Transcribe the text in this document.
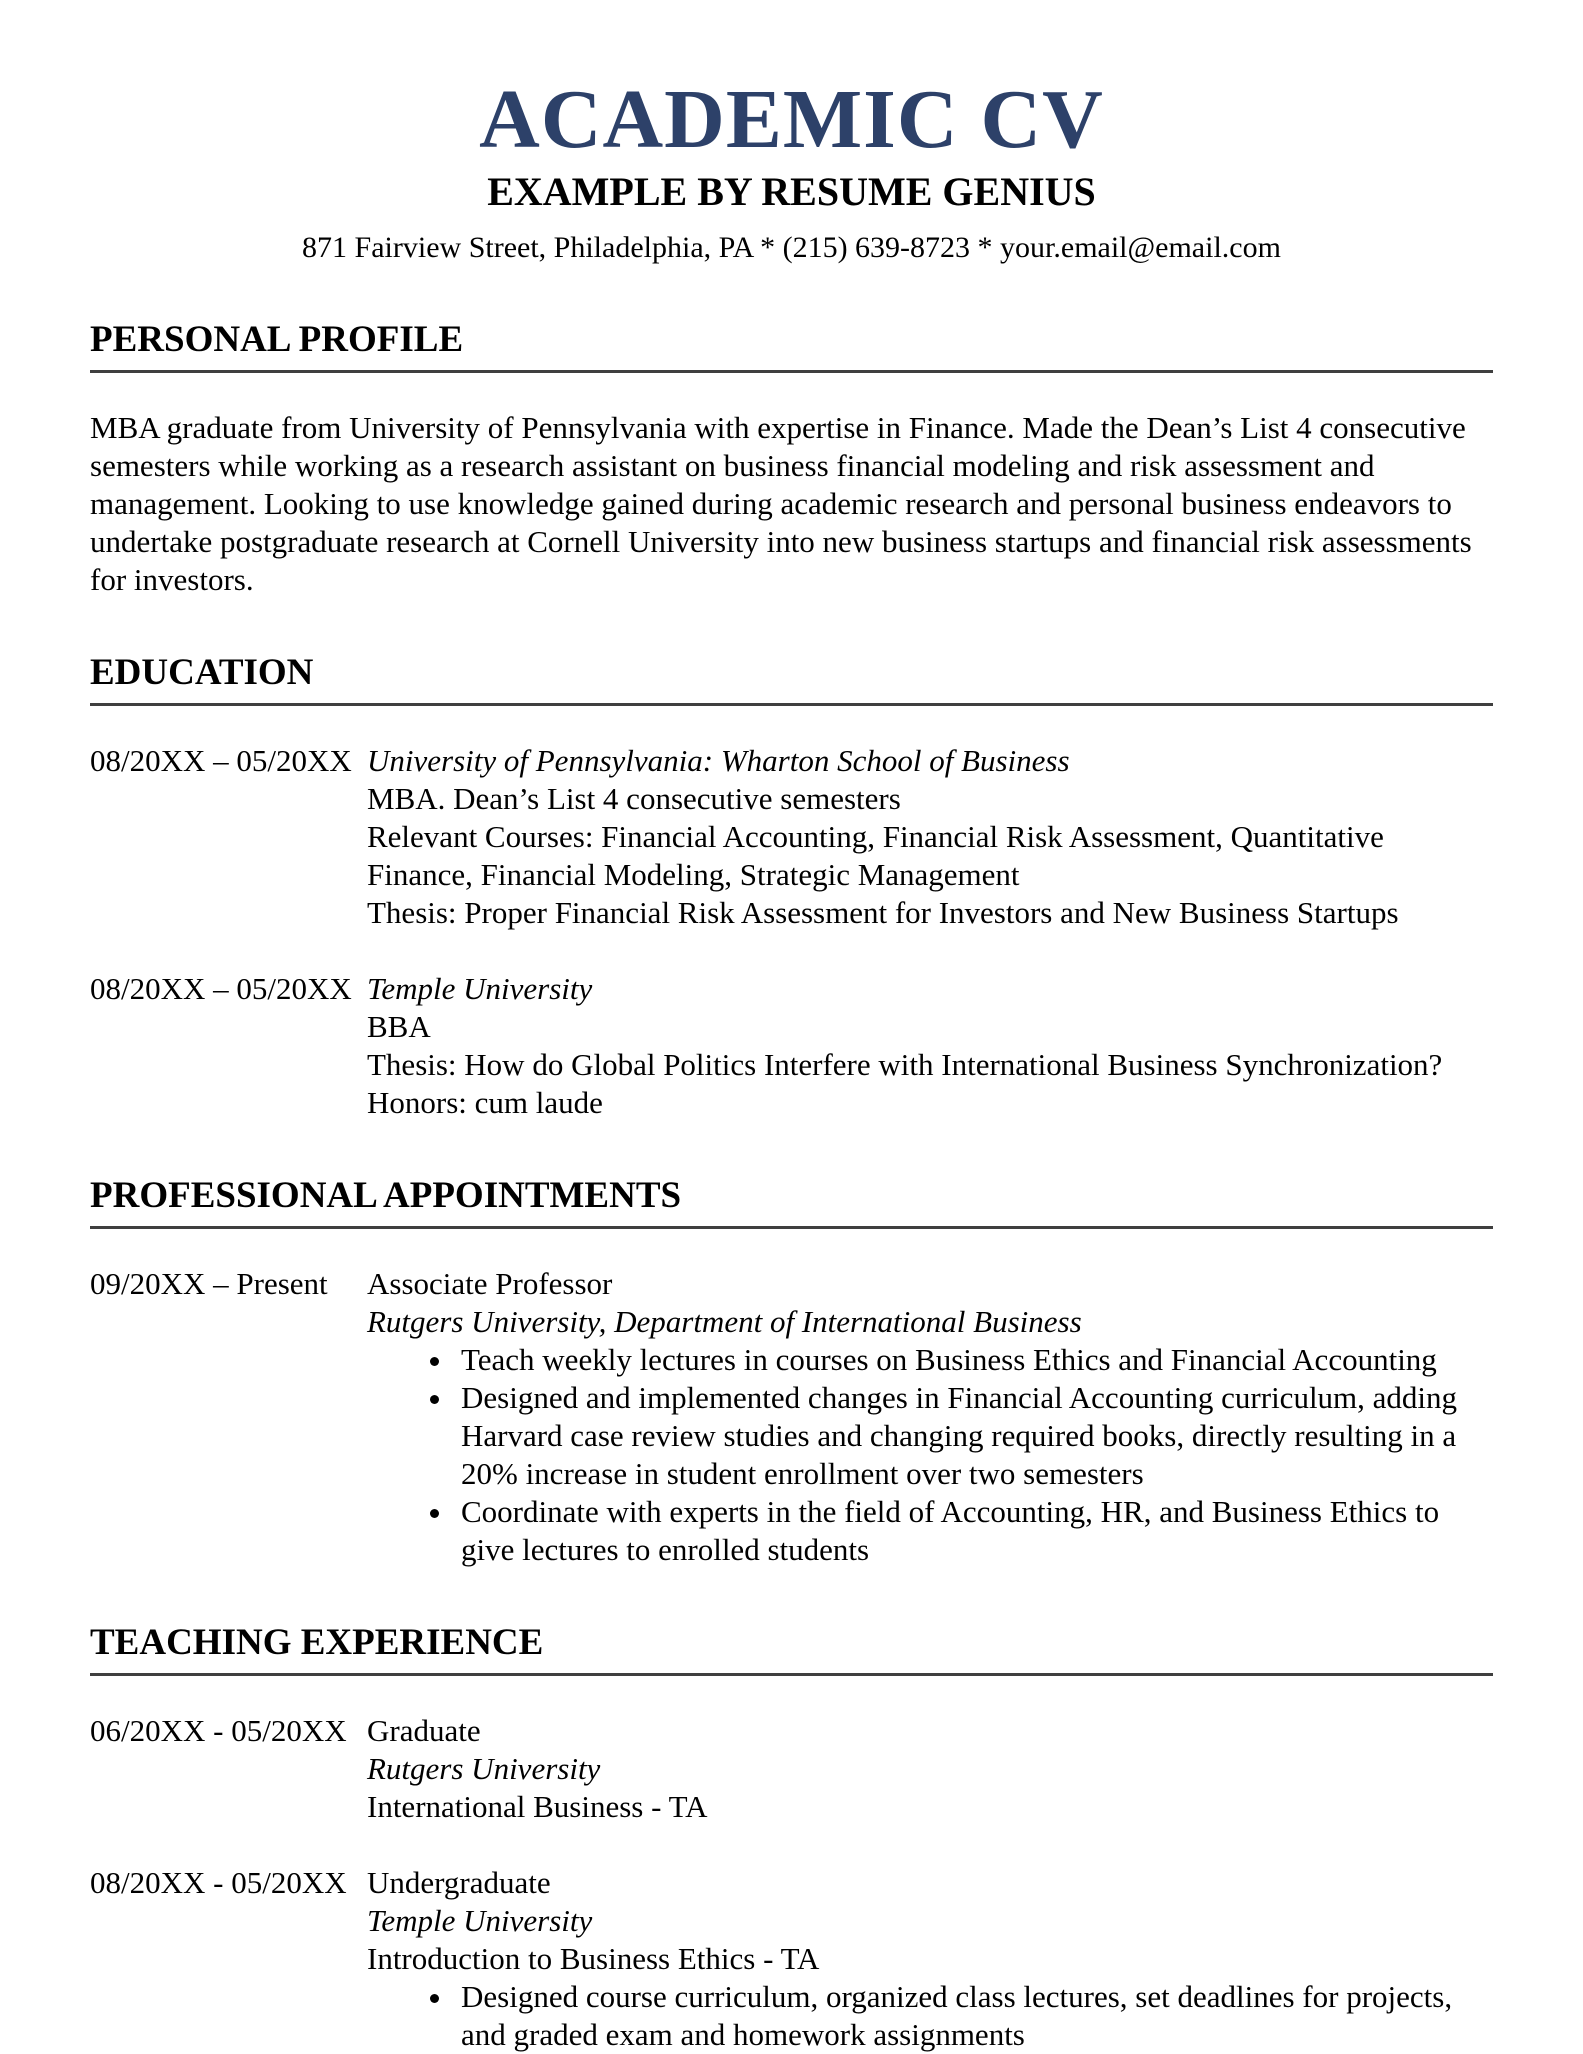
ACADEMIC CV
EXAMPLE BY RESUME GENIUS
871 Fairview Street, Philadelphia, PA * (215) 639-8723 * your.email@email.com
PERSONAL PROFILE

MBA graduate from University of Pennsylvania with expertise in Finance. Made the Dean’s List 4 consecutive semesters while working as a research assistant on business financial modeling and risk assessment and management. Looking to use knowledge gained during academic research and personal business endeavors to undertake postgraduate research at Cornell University into new business startups and financial risk assessments for investors.

EDUCATION
08/20XX – 05/20XX University of Pennsylvania: Wharton School of Business
MBA. Dean’s List 4 consecutive semesters
Relevant Courses: Financial Accounting, Financial Risk Assessment, Quantitative Finance, Financial Modeling, Strategic Management
Thesis: Proper Financial Risk Assessment for Investors and New Business Startups
08/20XX – 05/20XX Temple University
BBA
Thesis: How do Global Politics Interfere with International Business Synchronization?
Honors: cum laude
PROFESSIONAL APPOINTMENTS
09/20XX – Present	Associate Professor
Rutgers University, Department of International Business
• Teach weekly lectures in courses on Business Ethics and Financial Accounting
• Designed and implemented changes in Financial Accounting curriculum, adding Harvard case review studies and changing required books, directly resulting in a 20% increase in student enrollment over two semesters
• Coordinate with experts in the field of Accounting, HR, and Business Ethics to give lectures to enrolled students
TEACHING EXPERIENCE
06/20XX - 05/20XX Graduate
Rutgers University
International Business - TA
08/20XX - 05/20XX Undergraduate
Temple University
Introduction to Business Ethics - TA
• Designed course curriculum, organized class lectures, set deadlines for projects, and graded exam and homework assignments
